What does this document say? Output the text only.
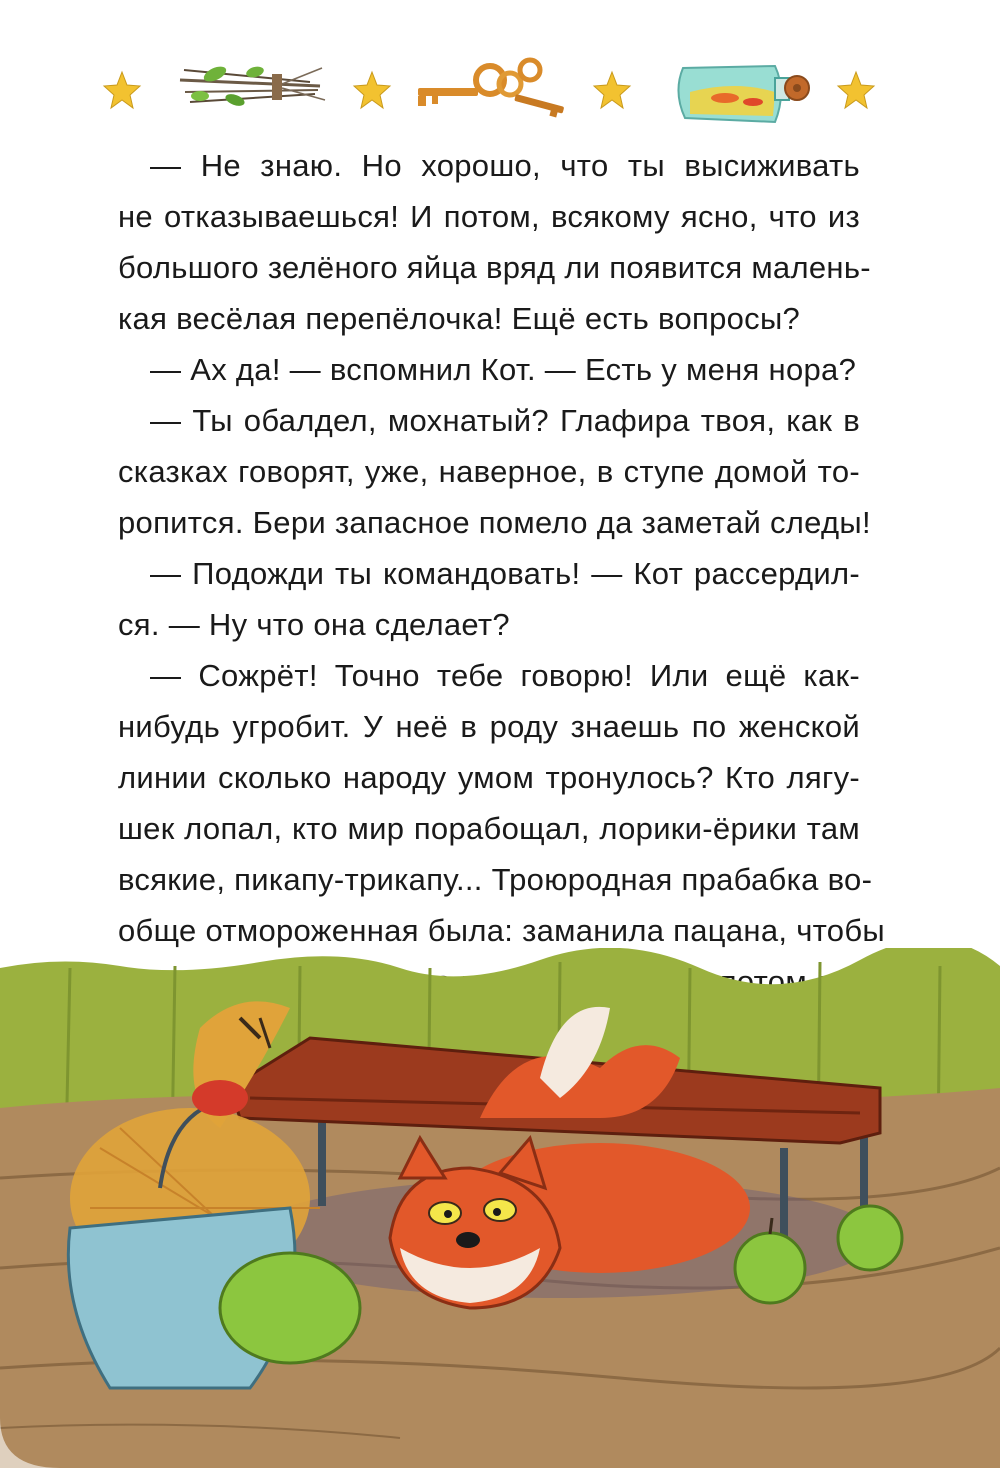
— Не знаю. Но хорошо, что ты высиживать
не отказываешься! И потом, всякому ясно, что из
большого зелёного яйца вряд ли появится малень-
кая весёлая перепёлочка! Ещё есть вопросы?
— Ах да! — вспомнил Кот. — Есть у меня нора?
— Ты обалдел, мохнатый? Глафира твоя, как в
сказках говорят, уже, наверное, в ступе домой то-
ропится. Бери запасное помело да заметай следы!
— Подожди ты командовать! — Кот рассердил-
ся. — Ну что она сделает?
— Сожрёт! Точно тебе говорю! Или ещё как-
нибудь угробит. У неё в роду знаешь по женской
линии сколько народу умом тронулось? Кто лягу-
шек лопал, кто мир порабощал, лорики-ёрики там
всякие, пикапу-трикапу... Троюродная прабабка во-
обще отмороженная была: заманила пацана, чтобы
